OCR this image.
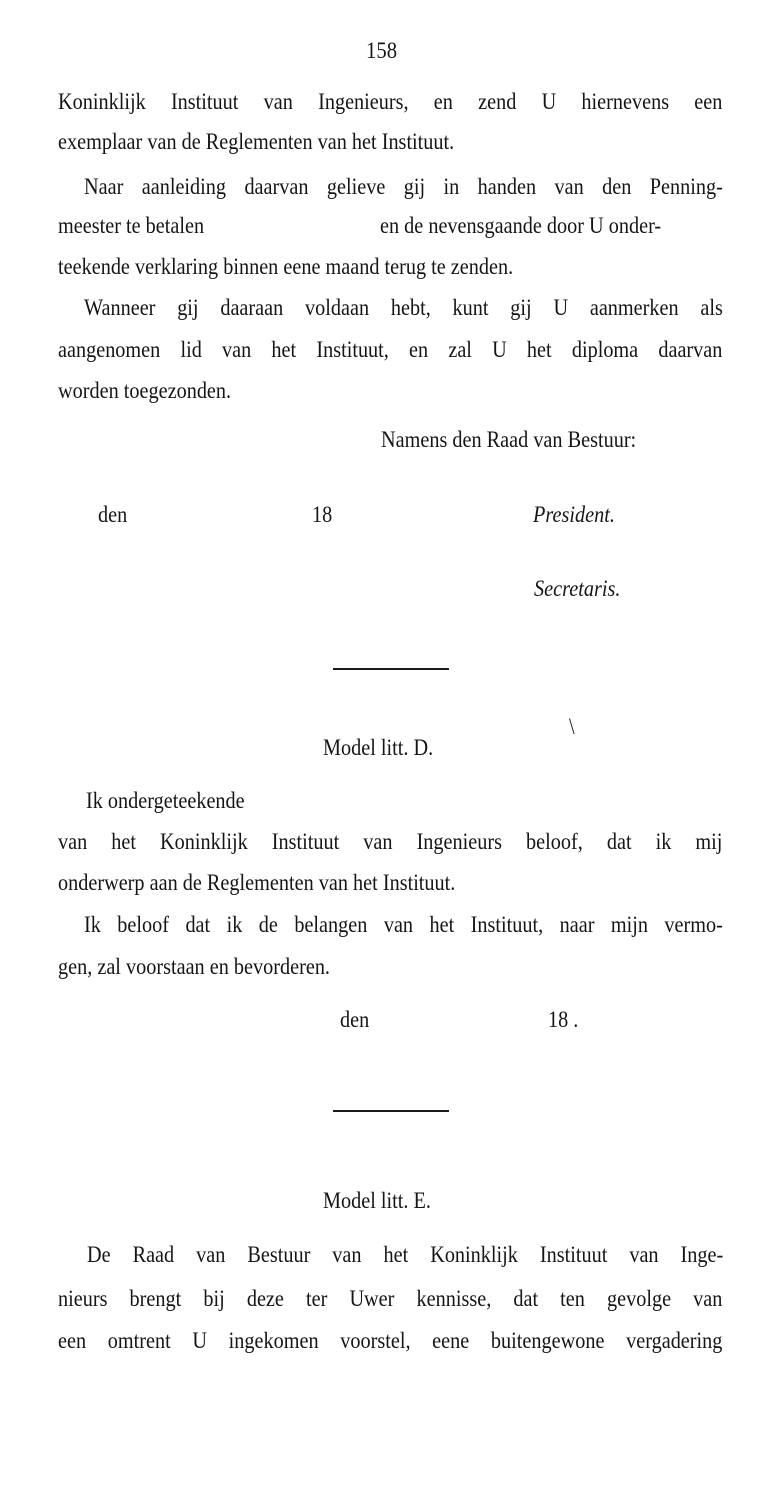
158
Koninklijk Instituut van Ingenieurs, en zend U hiernevens een
exemplaar van de Reglementen van het Instituut.
Naar aanleiding daarvan gelieve gij in handen van den Penning-
meester te betalen	en de nevensgaande door U onder-
teekende verklaring binnen eene maand terug te zenden.
Wanneer gij daaraan voldaan hebt, kunt gij U aanmerken als
aangenomen lid van het Instituut, en zal U het diploma daarvan
worden toegezonden.
Namens den Raad van Bestuur:
den	18	President.
Secretaris.
\
Model litt. D.
Ik ondergeteekende
van het Koninklijk Instituut van Ingenieurs beloof, dat ik mij
onderwerp aan de Reglementen van het Instituut.
Ik beloof dat ik de belangen van het Instituut, naar mijn vermo-
gen, zal voorstaan en bevorderen.
den	18 .
Model litt. E.
De Raad van Bestuur van het Koninklijk Instituut van Inge-
nieurs brengt bij deze ter Uwer kennisse, dat ten gevolge van
een omtrent U ingekomen voorstel, eene buitengewone vergadering
